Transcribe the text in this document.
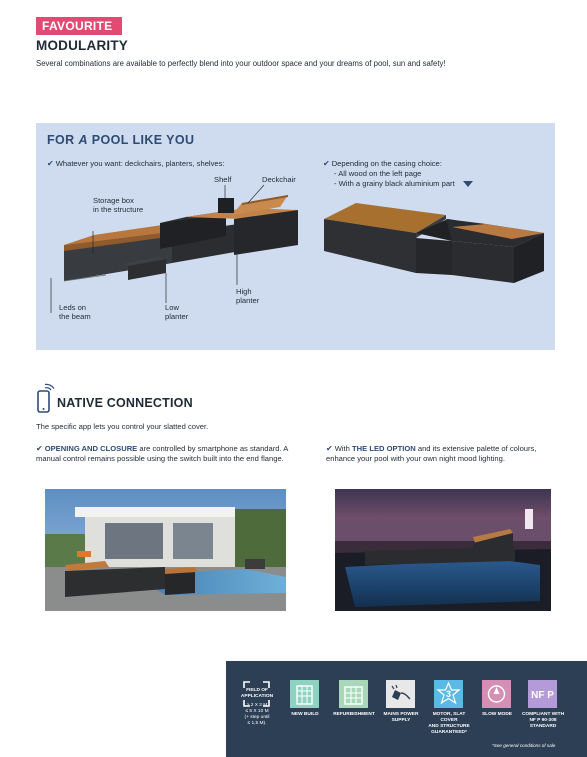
FAVOURITE
MODULARITY
Several combinations are available to perfectly blend into your outdoor space and your dreams of pool, sun and safety!
FOR A POOL LIKE YOU
✔ Whatever you want: deckchairs, planters, shelves:	✔ Depending on the casing choice:
- All wood on the left page
- With a grainy black aluminium part
Shelf	Deckchair
Storage box
in the structure
Leds on
the beam
Low
planter
High
planter
NATIVE CONNECTION
The specific app lets you control your slatted cover.
✔ OPENING AND CLOSURE are controlled by smartphone as standard. A manual control remains possible using the switch built into the end flange.
✔ With THE LED OPTION and its extensive palette of colours, enhance your pool with your own night mood lighting.
FIELD OF APPLICATION
≥ 2 X 2 M
≤ 5 X 10 M
(+ step until
≤ 1,5 M).
NEW BUILD	REFURBISHMENT	MAINS POWER
SUPPLY
3
MOTOR, SLAT COVER
AND STRUCTURE
GUARANTEED*
SLOW MODE
NF P
COMPLIANT WITH
NF P 90-308
STANDARD
*See general conditions of sale
